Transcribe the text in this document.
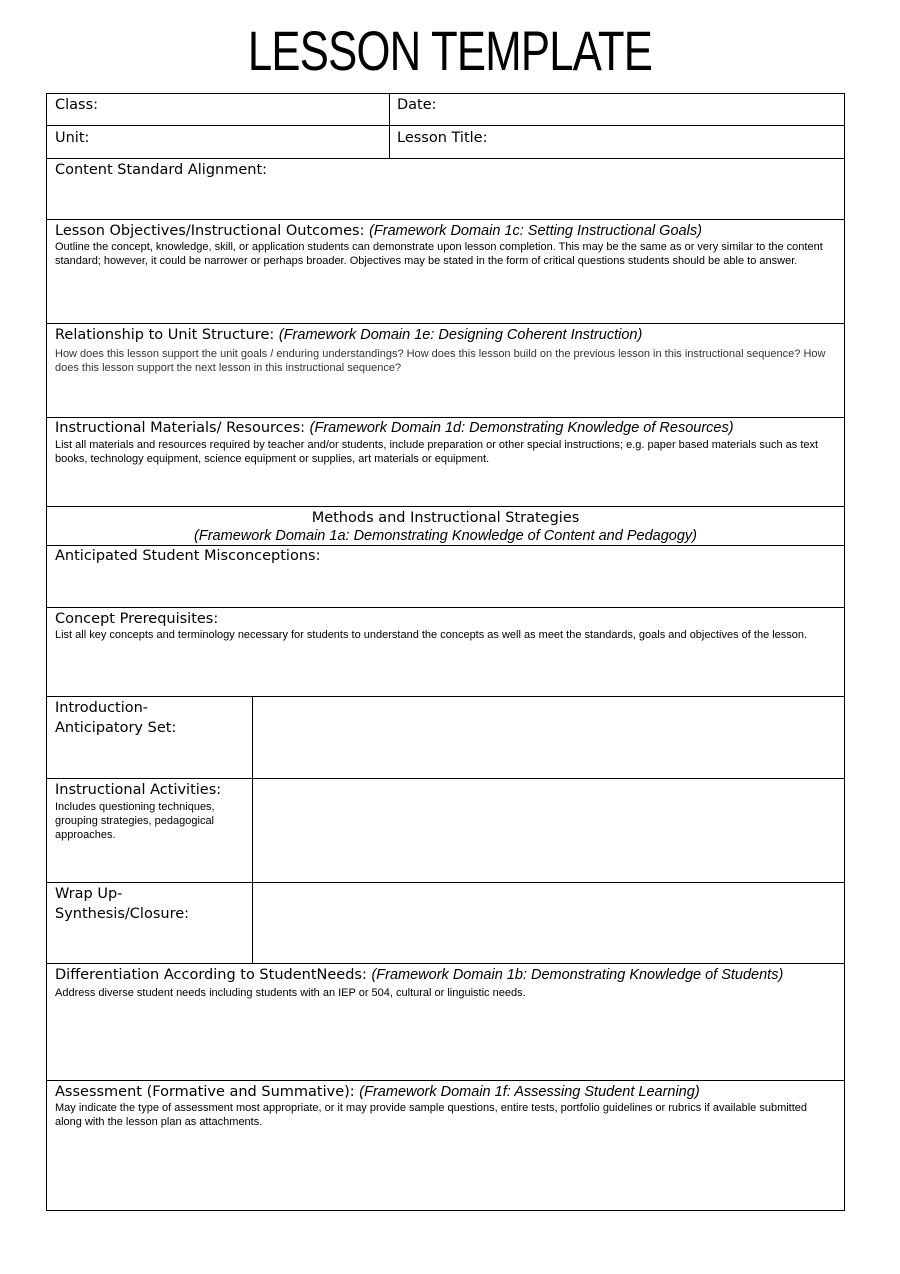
LESSON TEMPLATE
Class:	Date:
Unit:	Lesson Title:
Content Standard Alignment:
Lesson Objectives/Instructional Outcomes: (Framework Domain 1c: Setting Instructional Goals)
Outline the concept, knowledge, skill, or application students can demonstrate upon lesson completion. This may be the same as or very similar to the content standard; however, it could be narrower or perhaps broader. Objectives may be stated in the form of critical questions students should be able to answer.
Relationship to Unit Structure: (Framework Domain 1e: Designing Coherent Instruction)
How does this lesson support the unit goals / enduring understandings? How does this lesson build on the previous lesson in this instructional sequence? How does this lesson support the next lesson in this instructional sequence?
Instructional Materials/ Resources: (Framework Domain 1d: Demonstrating Knowledge of Resources)
List all materials and resources required by teacher and/or students, include preparation or other special instructions; e.g. paper based materials such as text books, technology equipment, science equipment or supplies, art materials or equipment.
Methods and Instructional Strategies
(Framework Domain 1a: Demonstrating Knowledge of Content and Pedagogy)
Anticipated Student Misconceptions:
Concept Prerequisites:
List all key concepts and terminology necessary for students to understand the concepts as well as meet the standards, goals and objectives of the lesson.
Introduction-
Anticipatory Set:
Instructional Activities:
Includes questioning techniques, grouping strategies, pedagogical approaches.
Wrap Up-
Synthesis/Closure:
Differentiation According to StudentNeeds: (Framework Domain 1b: Demonstrating Knowledge of Students)
Address diverse student needs including students with an IEP or 504, cultural or linguistic needs.
Assessment (Formative and Summative): (Framework Domain 1f: Assessing Student Learning)
May indicate the type of assessment most appropriate, or it may provide sample questions, entire tests, portfolio guidelines or rubrics if available submitted along with the lesson plan as attachments.
